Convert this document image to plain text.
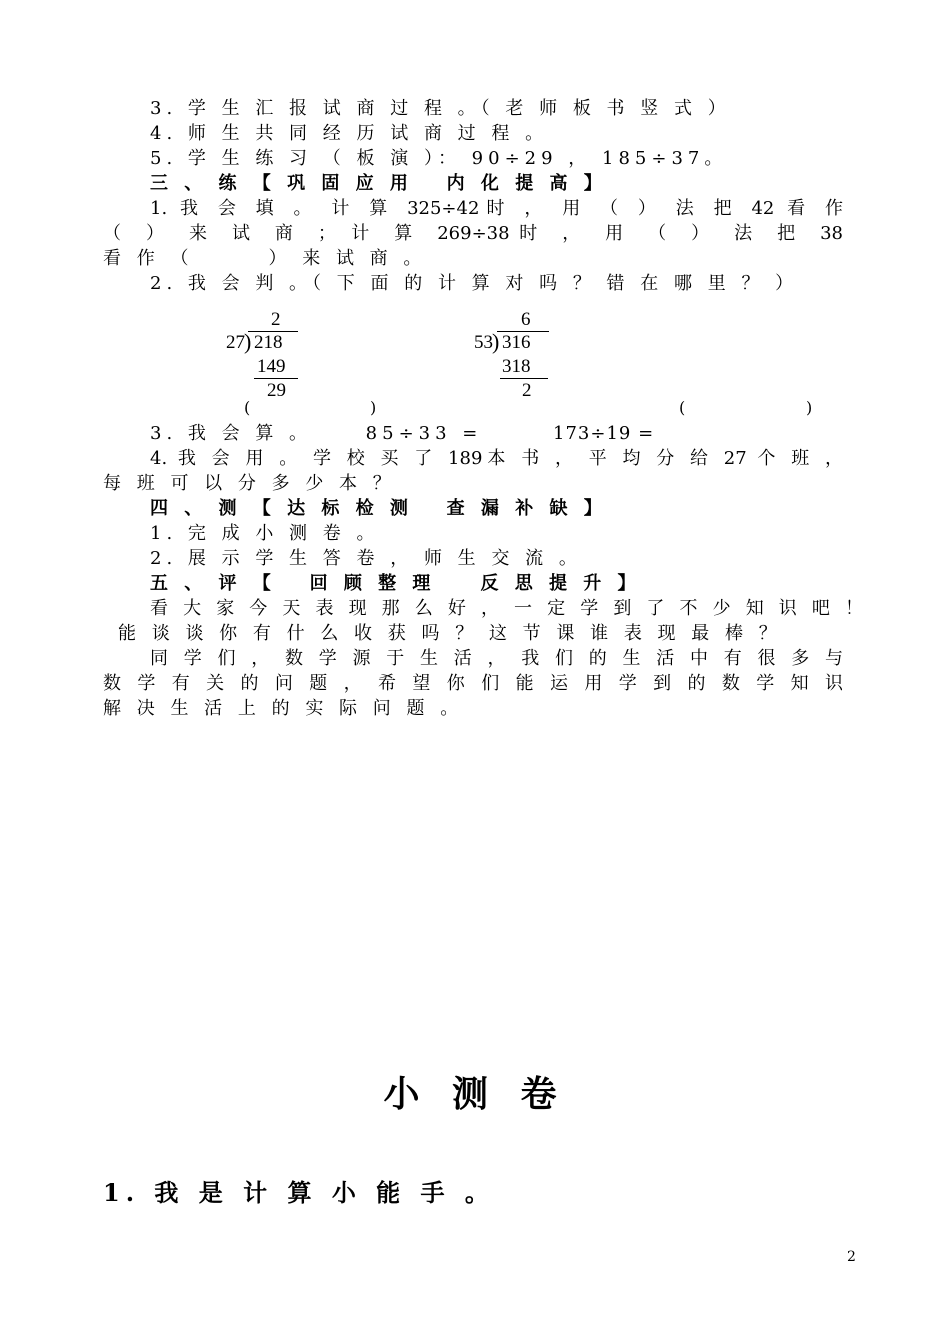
3. 学 生 汇 报 试 商 过 程 。（ 老 师 板 书 竖 式 ）
4. 师 生 共 同 经 历 试 商 过 程 。
5. 学 生 练 习 （ 板 演 ）： 90÷29 ， 185÷37。
三 、 练 【 巩 固 应 用   内 化 提 高 】
1. 我 会 填 。 计 算 325÷42时 ， 用 （ ） 法 把 42 看 作
（ ） 来 试 商 ； 计 算 269÷38时 ， 用 （ ） 法 把 38
看 作 （       ） 来 试 商 。
2. 我 会 判 。（ 下 面 的 计 算 对 吗 ？ 错 在 哪 里 ？ ）
2
27 ) 218
149
29
6
53 ) 316
318
2
(	)	(	)
3. 我 会 算 。     85÷33 =	173÷19 =
4. 我 会 用 。 学 校 买 了 189本 书 ， 平 均 分 给 27 个 班 ，
每 班 可 以 分 多 少 本 ？
四 、 测 【 达 标 检 测   查 漏 补 缺 】
1. 完 成 小 测 卷 。
2. 展 示 学 生 答 卷 ， 师 生 交 流 。
五 、 评 【   回 顾 整 理    反 思 提 升 】
看 大 家 今 天 表 现 那 么 好 ， 一 定 学 到 了 不 少 知 识 吧 ！
能 谈 谈 你 有 什 么 收 获 吗 ？ 这 节 课 谁 表 现 最 棒 ？
同 学 们 ， 数 学 源 于 生 活 ， 我 们 的 生 活 中 有 很 多 与
数 学 有 关 的 问 题 ， 希 望 你 们 能 运 用 学 到 的 数 学 知 识
解 决 生 活 上 的 实 际 问 题 。
小 测 卷
1. 我 是 计 算 小 能 手 。
2
